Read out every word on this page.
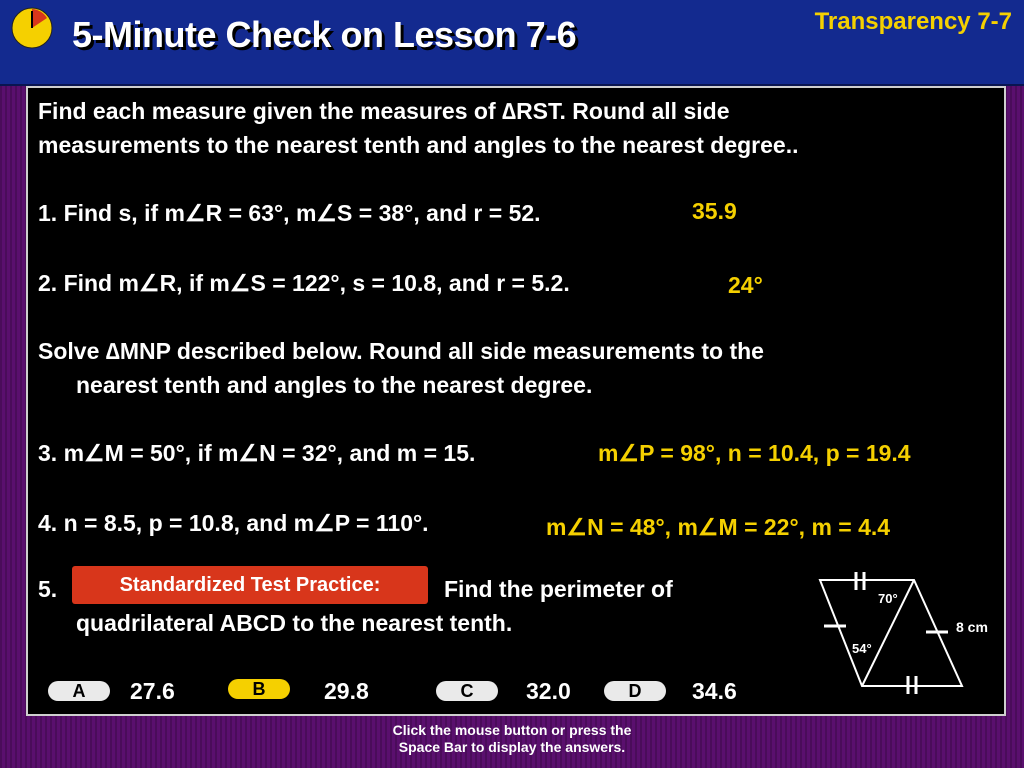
5-Minute Check on Lesson 7-6	Transparency 7-7
Find each measure given the measures of ∆RST. Round all side
measurements to the nearest tenth and angles to the nearest degree..
1. Find s, if m∠R = 63°, m∠S = 38°, and r = 52.	35.9
2. Find m∠R, if m∠S = 122°, s = 10.8, and r = 5.2.	24°
Solve ∆MNP described below. Round all side measurements to the
nearest tenth and angles to the nearest degree.
3. m∠M = 50°, if m∠N = 32°, and m = 15.	m∠P = 98°, n = 10.4, p = 19.4
4. n = 8.5, p = 10.8, and m∠P = 110°.	m∠N = 48°, m∠M = 22°, m = 4.4
5.	Standardized Test Practice:	Find the perimeter of
quadrilateral ABCD to the nearest tenth.
A	27.6	B	29.8	C	32.0	D	34.6
70°
54°
8 cm
Click the mouse button or press the
Space Bar to display the answers.
